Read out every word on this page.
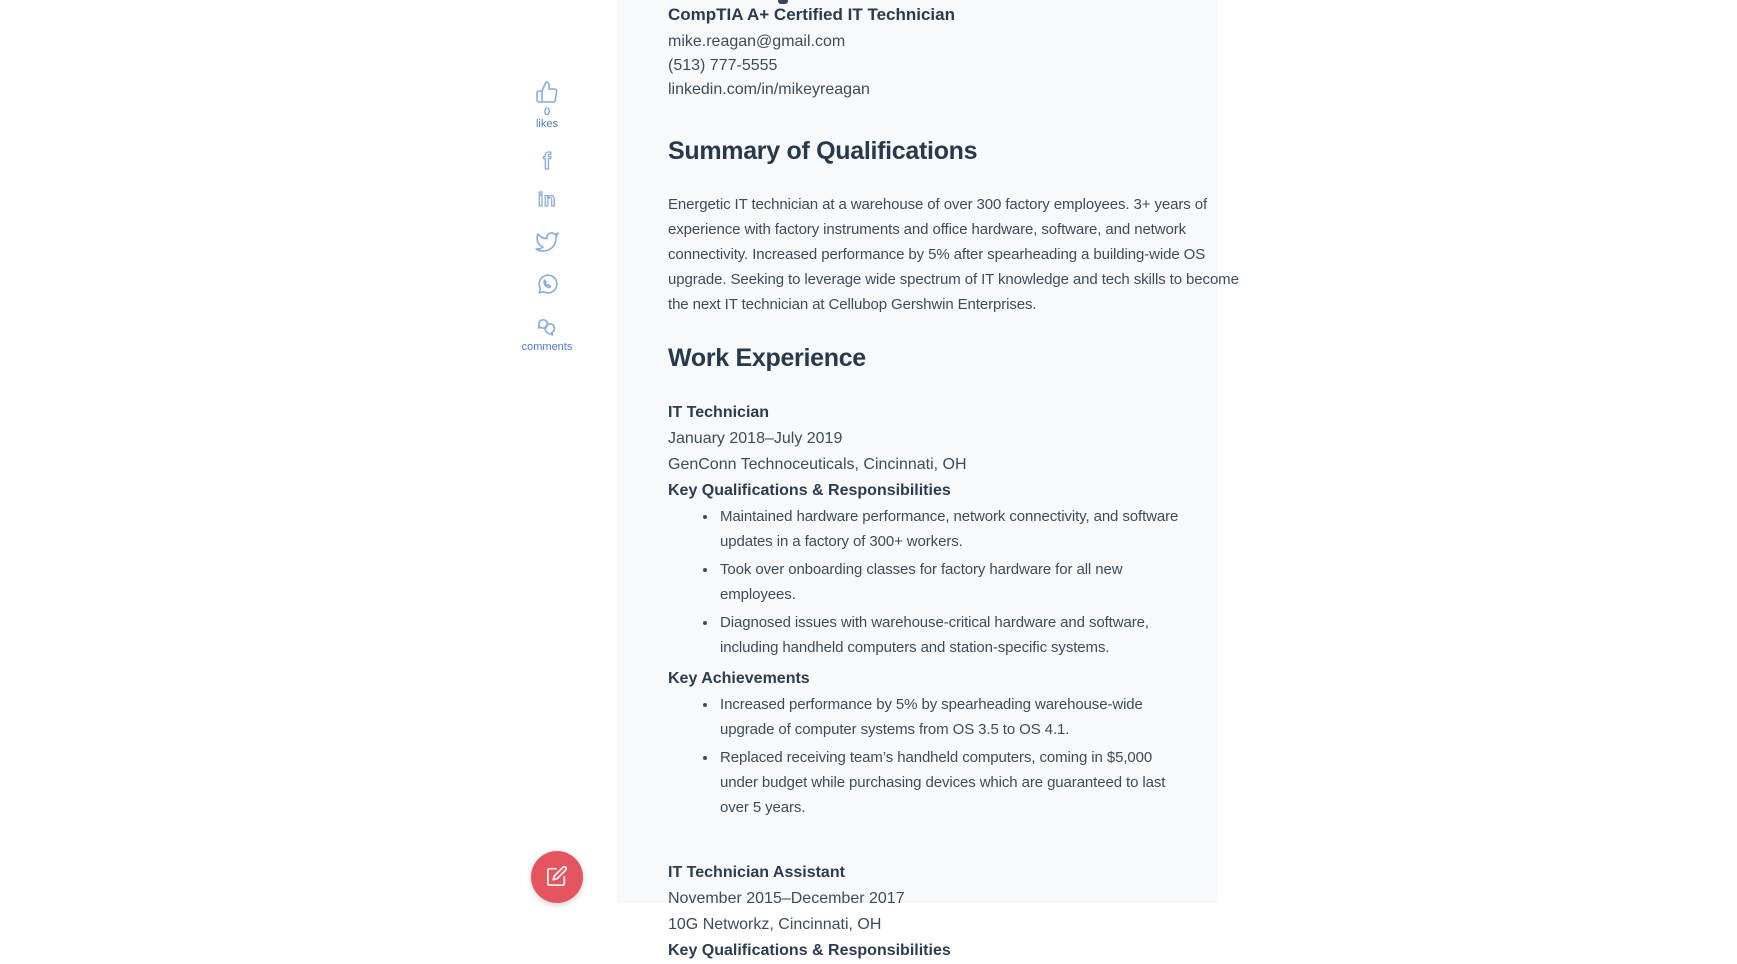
0
likes
f
in
comments
CompTIA A+ Certified IT Technician
mike.reagan@gmail.com
(513) 777-5555
linkedin.com/in/mikeyreagan
Summary of Qualifications
Energetic IT technician at a warehouse of over 300 factory employees. 3+ years of
experience with factory instruments and office hardware, software, and network
connectivity. Increased performance by 5% after spearheading a building-wide OS
upgrade. Seeking to leverage wide spectrum of IT knowledge and tech skills to become
the next IT technician at Cellubop Gershwin Enterprises.
Work Experience
IT Technician
January 2018–July 2019
GenConn Technoceuticals, Cincinnati, OH
Key Qualifications & Responsibilities
• Maintained hardware performance, network connectivity, and software updates in a factory of 300+ workers.
• Took over onboarding classes for factory hardware for all new employees.
• Diagnosed issues with warehouse-critical hardware and software, including handheld computers and station-specific systems.
Key Achievements
• Increased performance by 5% by spearheading warehouse-wide upgrade of computer systems from OS 3.5 to OS 4.1.
• Replaced receiving team’s handheld computers, coming in $5,000 under budget while purchasing devices which are guaranteed to last over 5 years.
IT Technician Assistant
November 2015–December 2017
10G Networkz, Cincinnati, OH
Key Qualifications & Responsibilities
